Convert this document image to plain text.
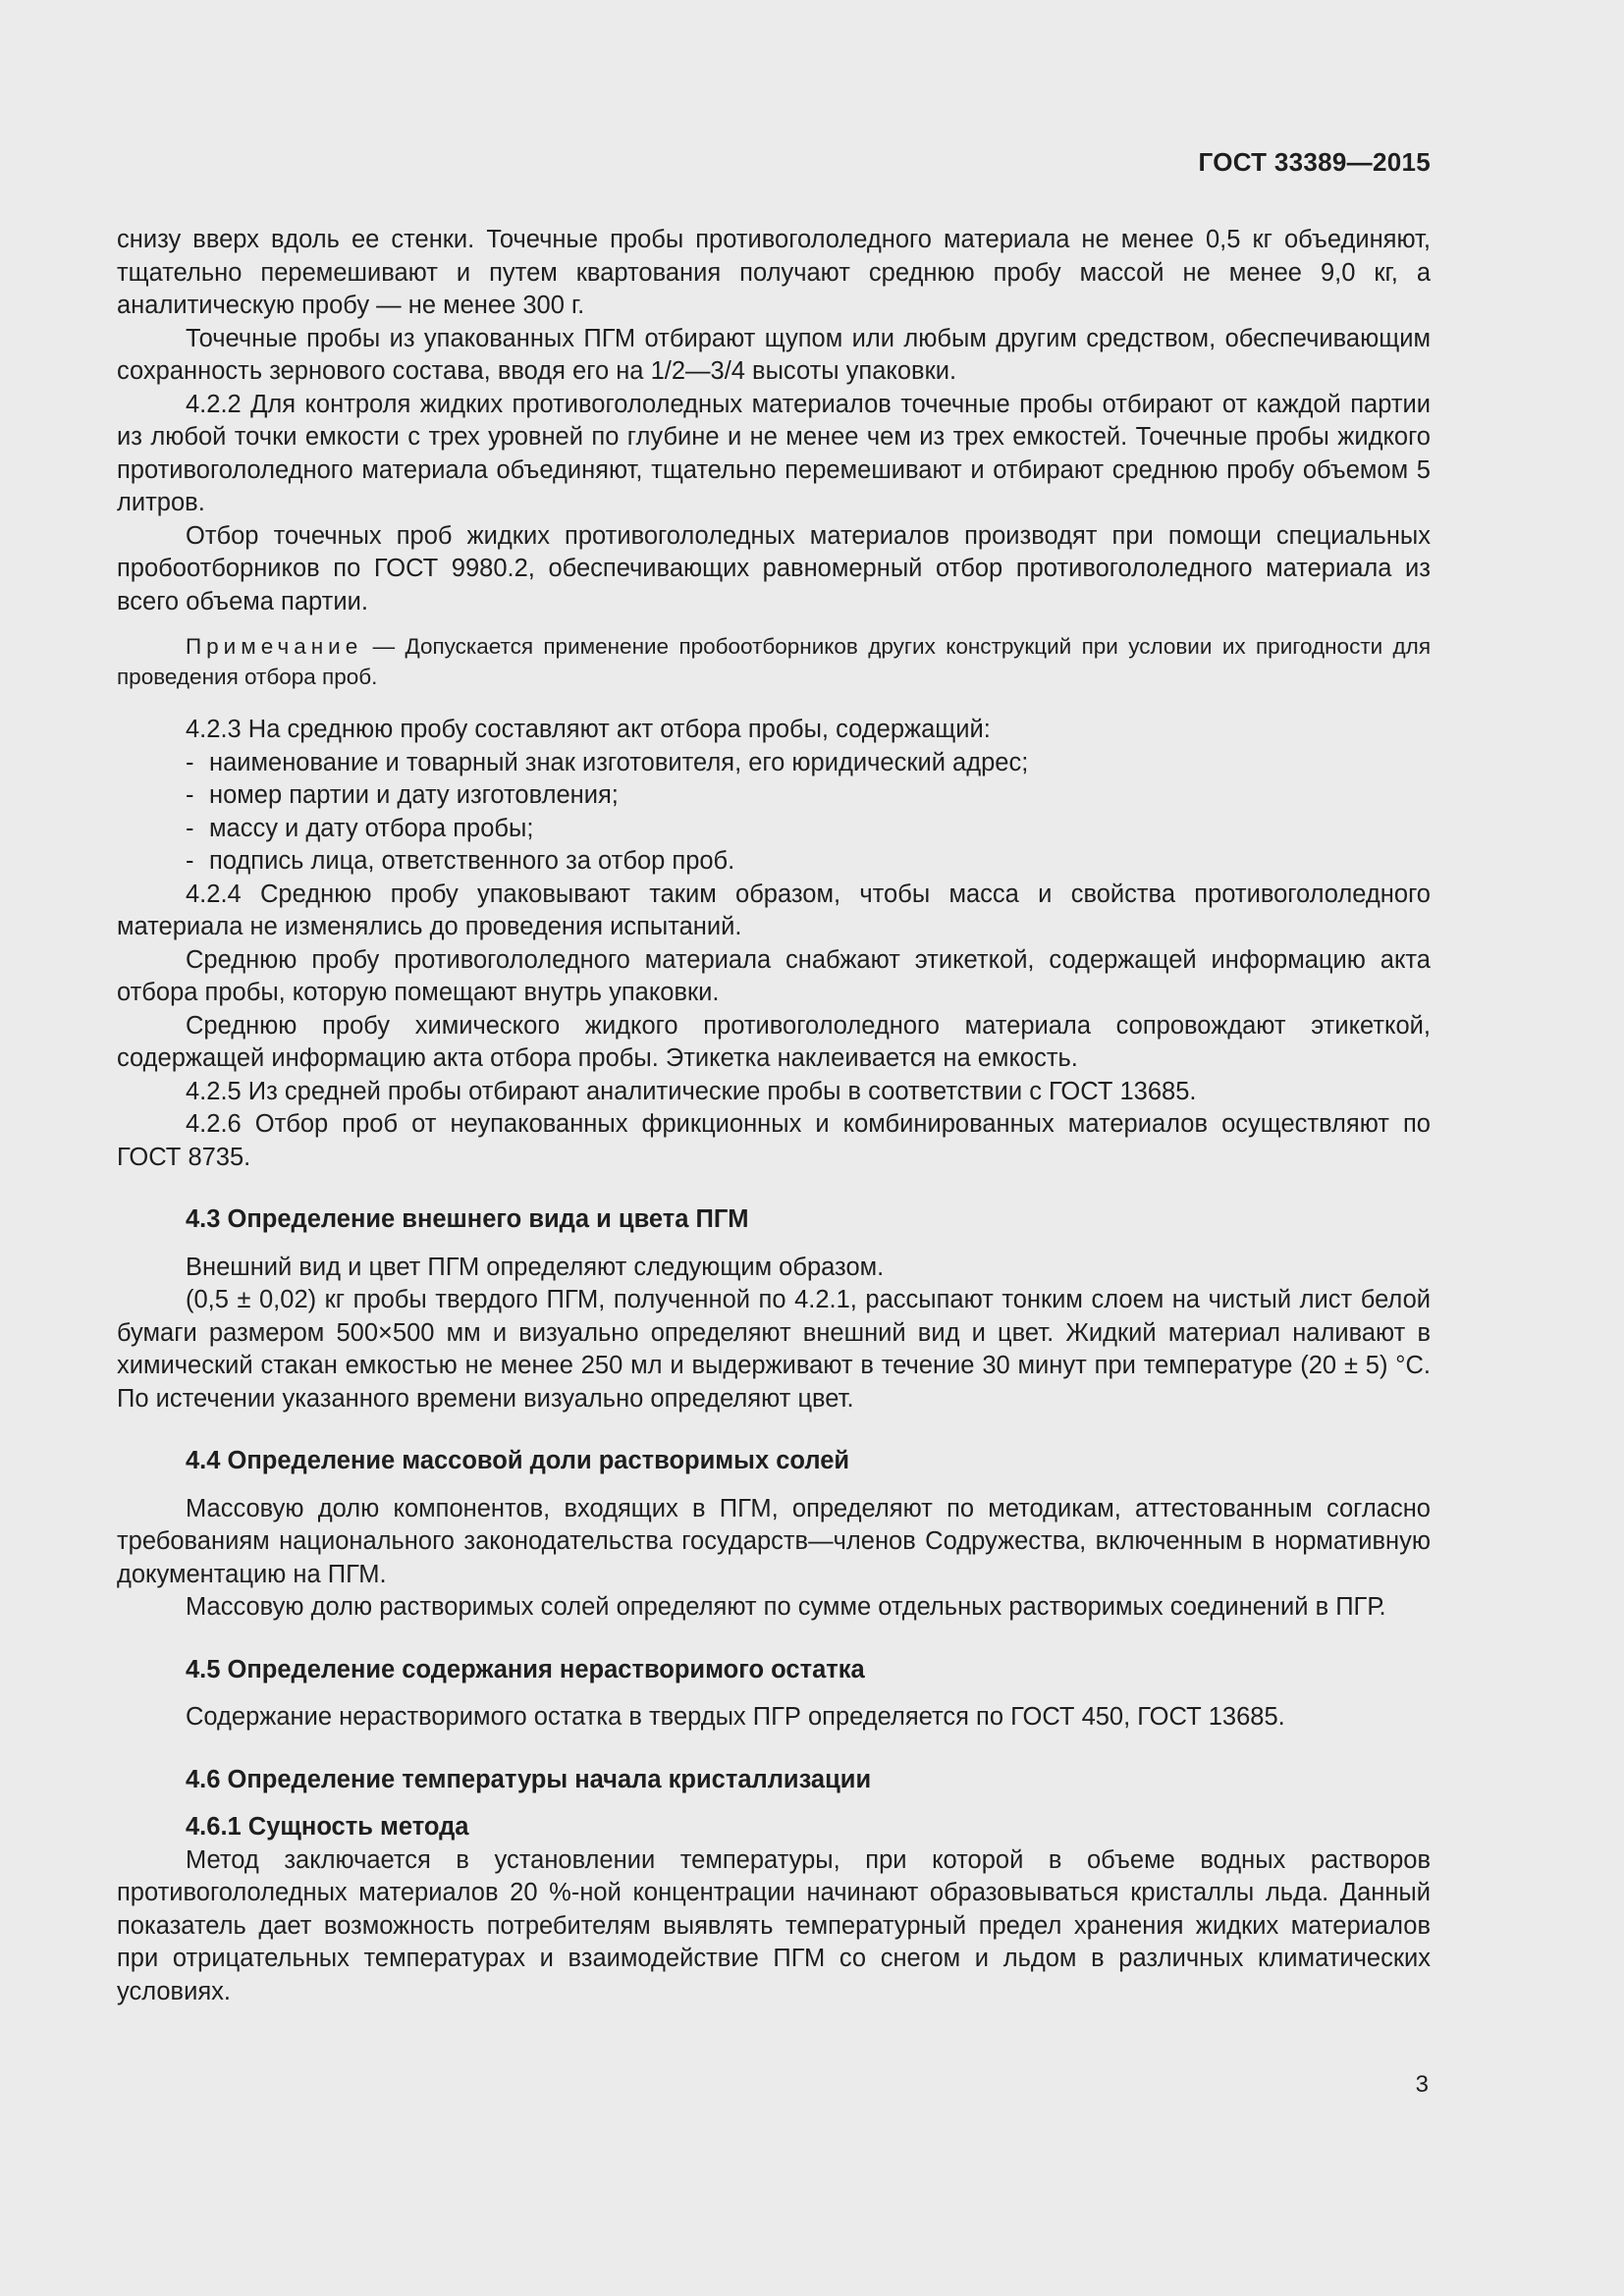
ГОСТ 33389—2015

снизу вверх вдоль ее стенки. Точечные пробы противогололедного материала не менее 0,5 кг объединяют, тщательно перемешивают и путем квартования получают среднюю пробу массой не менее 9,0 кг, а аналитическую пробу — не менее 300 г.

Точечные пробы из упакованных ПГМ отбирают щупом или любым другим средством, обеспечивающим сохранность зернового состава, вводя его на 1/2—3/4 высоты упаковки.

4.2.2 Для контроля жидких противогололедных материалов точечные пробы отбирают от каждой партии из любой точки емкости с трех уровней по глубине и не менее чем из трех емкостей. Точечные пробы жидкого противогололедного материала объединяют, тщательно перемешивают и отбирают среднюю пробу объемом 5 литров.

Отбор точечных проб жидких противогололедных материалов производят при помощи специальных пробоотборников по ГОСТ 9980.2, обеспечивающих равномерный отбор противогололедного материала из всего объема партии.

Примечание — Допускается применение пробоотборников других конструкций при условии их пригодности для проведения отбора проб.

4.2.3 На среднюю пробу составляют акт отбора пробы, содержащий:

- наименование и товарный знак изготовителя, его юридический адрес;

- номер партии и дату изготовления;

- массу и дату отбора пробы;

- подпись лица, ответственного за отбор проб.

4.2.4 Среднюю пробу упаковывают таким образом, чтобы масса и свойства противогололедного материала не изменялись до проведения испытаний.

Среднюю пробу противогололедного материала снабжают этикеткой, содержащей информацию акта отбора пробы, которую помещают внутрь упаковки.

Среднюю пробу химического жидкого противогололедного материала сопровождают этикеткой, содержащей информацию акта отбора пробы. Этикетка наклеивается на емкость.

4.2.5 Из средней пробы отбирают аналитические пробы в соответствии с ГОСТ 13685.

4.2.6 Отбор проб от неупакованных фрикционных и комбинированных материалов осуществляют по ГОСТ 8735.

4.3 Определение внешнего вида и цвета ПГМ

Внешний вид и цвет ПГМ определяют следующим образом.

(0,5 ± 0,02) кг пробы твердого ПГМ, полученной по 4.2.1, рассыпают тонким слоем на чистый лист белой бумаги размером 500×500 мм и визуально определяют внешний вид и цвет. Жидкий материал наливают в химический стакан емкостью не менее 250 мл и выдерживают в течение 30 минут при температуре (20 ± 5) °С. По истечении указанного времени визуально определяют цвет.

4.4 Определение массовой доли растворимых солей

Массовую долю компонентов, входящих в ПГМ, определяют по методикам, аттестованным согласно требованиям национального законодательства государств—членов Содружества, включенным в нормативную документацию на ПГМ.

Массовую долю растворимых солей определяют по сумме отдельных растворимых соединений в ПГР.

4.5 Определение содержания нерастворимого остатка

Содержание нерастворимого остатка в твердых ПГР определяется по ГОСТ 450, ГОСТ 13685.

4.6 Определение температуры начала кристаллизации

4.6.1 Сущность метода

Метод заключается в установлении температуры, при которой в объеме водных растворов противогололедных материалов 20 %-ной концентрации начинают образовываться кристаллы льда. Данный показатель дает возможность потребителям выявлять температурный предел хранения жидких материалов при отрицательных температурах и взаимодействие ПГМ со снегом и льдом в различных климатических условиях.

3
